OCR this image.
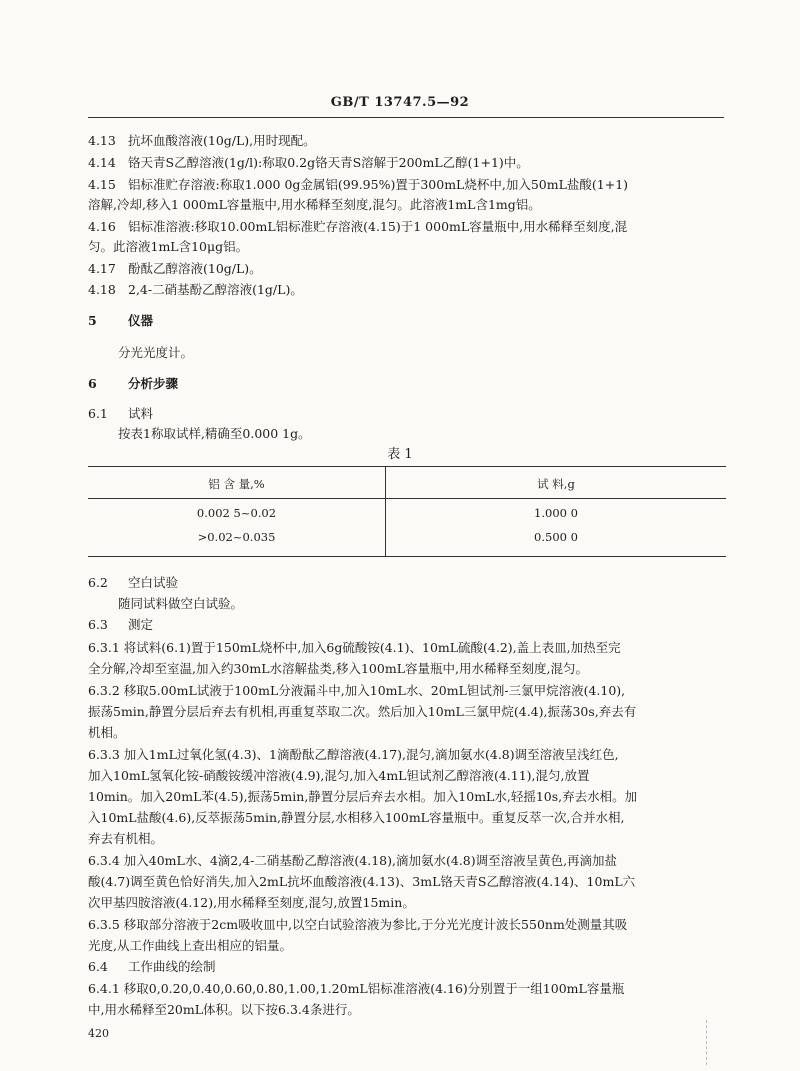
GB/T 13747.5—92
4.13 抗坏血酸溶液(10g/L),用时现配。
4.14 铬天青S乙醇溶液(1g/l):称取0.2g铬天青S溶解于200mL乙醇(1+1)中。
4.15 铝标准贮存溶液:称取1.000 0g金属铝(99.95%)置于300mL烧杯中,加入50mL盐酸(1+1)
溶解,冷却,移入1 000mL容量瓶中,用水稀释至刻度,混匀。此溶液1mL含1mg铝。
4.16 铝标准溶液:移取10.00mL铝标准贮存溶液(4.15)于1 000mL容量瓶中,用水稀释至刻度,混
匀。此溶液1mL含10μg铝。
4.17 酚酞乙醇溶液(10g/L)。
4.18 2,4-二硝基酚乙醇溶液(1g/L)。
5	仪器
分光光度计。
6	分析步骤
6.1 试料
按表1称取试样,精确至0.000 1g。
表 1
铝 含 量,%	试 料,g
0.002 5~0.02	1.000 0
>0.02~0.035	0.500 0
6.2 空白试验
随同试料做空白试验。
6.3 测定
6.3.1 将试料(6.1)置于150mL烧杯中,加入6g硫酸铵(4.1)、10mL硫酸(4.2),盖上表皿,加热至完
全分解,冷却至室温,加入约30mL水溶解盐类,移入100mL容量瓶中,用水稀释至刻度,混匀。
6.3.2 移取5.00mL试液于100mL分液漏斗中,加入10mL水、20mL钽试剂-三氯甲烷溶液(4.10),
振荡5min,静置分层后弃去有机相,再重复萃取二次。然后加入10mL三氯甲烷(4.4),振荡30s,弃去有
机相。
6.3.3 加入1mL过氧化氢(4.3)、1滴酚酞乙醇溶液(4.17),混匀,滴加氨水(4.8)调至溶液呈浅红色,
加入10mL氢氧化铵-硝酸铵缓冲溶液(4.9),混匀,加入4mL钽试剂乙醇溶液(4.11),混匀,放置
10min。加入20mL苯(4.5),振荡5min,静置分层后弃去水相。加入10mL水,轻摇10s,弃去水相。加
入10mL盐酸(4.6),反萃振荡5min,静置分层,水相移入100mL容量瓶中。重复反萃一次,合并水相,
弃去有机相。
6.3.4 加入40mL水、4滴2,4-二硝基酚乙醇溶液(4.18),滴加氨水(4.8)调至溶液呈黄色,再滴加盐
酸(4.7)调至黄色恰好消失,加入2mL抗坏血酸溶液(4.13)、3mL铬天青S乙醇溶液(4.14)、10mL六
次甲基四胺溶液(4.12),用水稀释至刻度,混匀,放置15min。
6.3.5 移取部分溶液于2cm吸收皿中,以空白试验溶液为参比,于分光光度计波长550nm处测量其吸
光度,从工作曲线上查出相应的铝量。
6.4 工作曲线的绘制
6.4.1 移取0,0.20,0.40,0.60,0.80,1.00,1.20mL铝标准溶液(4.16)分别置于一组100mL容量瓶
中,用水稀释至20mL体积。以下按6.3.4条进行。
420
